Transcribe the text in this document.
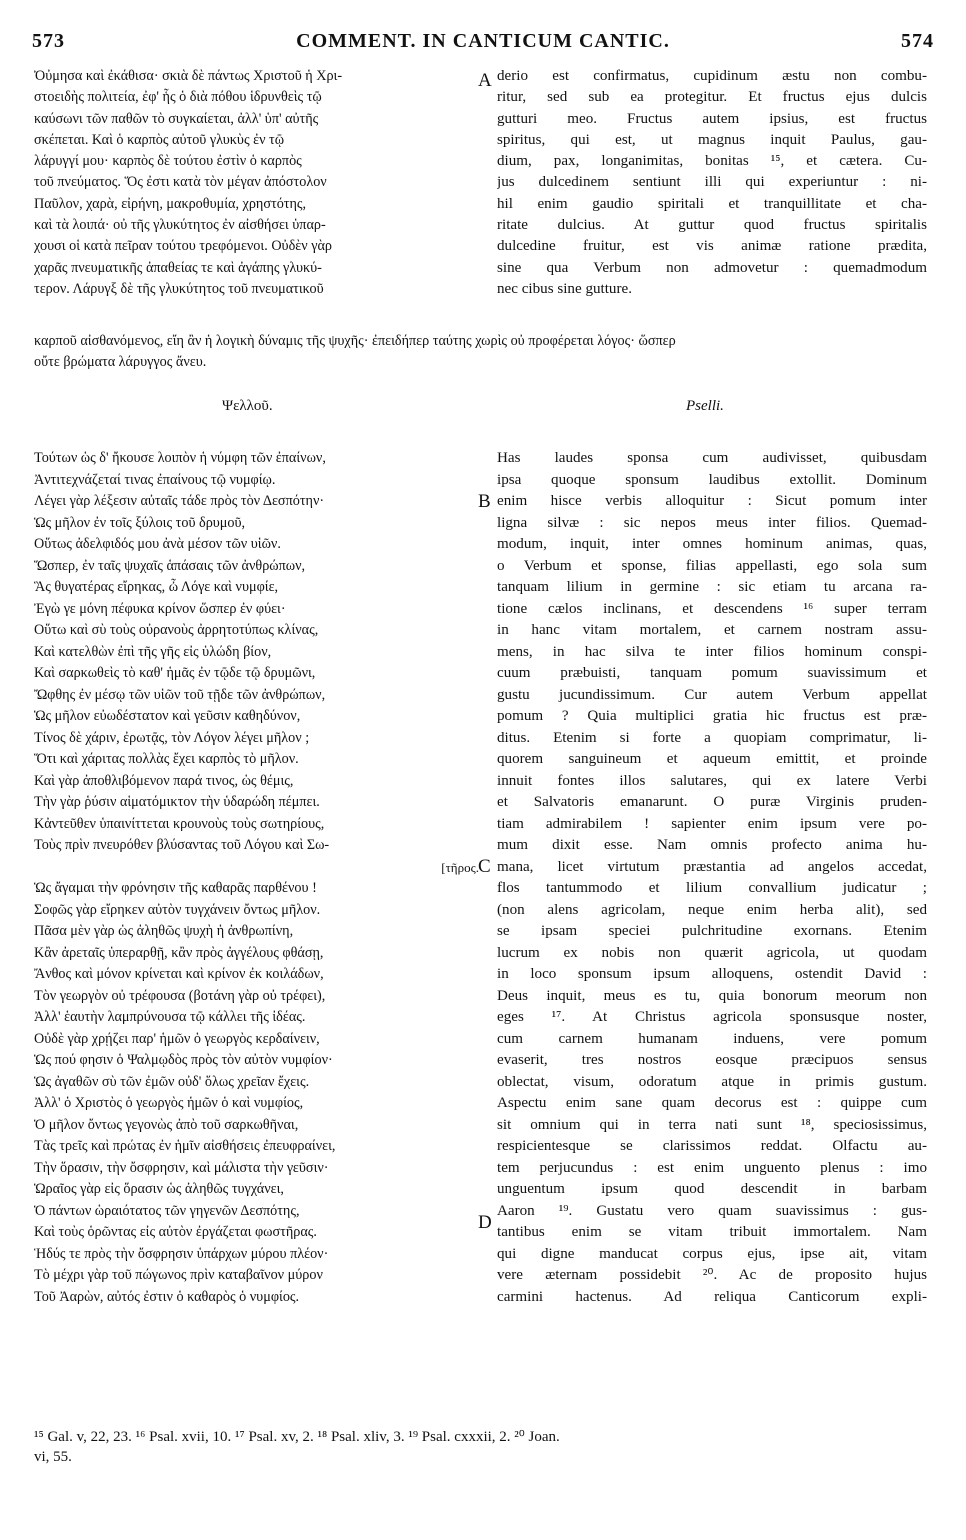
573	COMMENT. IN CANTICUM CANTIC.	574
Ὀὐμησα καὶ ἐκάθισα· σκιὰ δὲ πάντως Χριστοῦ ἡ Χρι-
στοειδὴς πολιτεία, ἐφ' ἧς ὁ διὰ πόθου ἱδρυνθεὶς τῷ
καύσωνι τῶν παθῶν τὸ συγκαίεται, ἀλλ' ὑπ' αὐτῆς
σκέπεται. Καὶ ὁ καρπὸς αὐτοῦ γλυκὺς ἐν τῷ
λάρυγγί μου· καρπὸς δὲ τούτου ἐστὶν ὁ καρπὸς
τοῦ πνεύματος. Ὅς ἐστι κατὰ τὸν μέγαν ἀπόστολον
Παῦλον, χαρὰ, εἰρήνη, μακροθυμία, χρηστότης,
καὶ τὰ λοιπά· οὐ τῆς γλυκύτητος ἐν αἰσθήσει ὑπαρ-
χουσι οἱ κατὰ πεῖραν τούτου τρεφόμενοι. Οὐδὲν γὰρ
χαρᾶς πνευματικῆς ἀπαθείας τε καὶ ἀγάπης γλυκύ-
τερον. Λάρυγξ δὲ τῆς γλυκύτητος τοῦ πνευματικοῦ
derio est confirmatus, cupidinum æstu non combu-
ritur, sed sub ea protegitur. Et fructus ejus dulcis
gutturi meo. Fructus autem ipsius, est fructus
spiritus, qui est, ut magnus inquit Paulus, gau-
dium, pax, longanimitas, bonitas ¹⁵, et cætera. Cu-
jus dulcedinem sentiunt illi qui experiuntur : ni-
hil enim gaudio spiritali et tranquillitate et cha-
ritate dulcius. At guttur quod fructus spiritalis
dulcedine fruitur, est vis animæ ratione prædita,
sine qua Verbum non admovetur : quemadmodum
nec cibus sine gutture.
καρποῦ αἰσθανόμενος, εἴη ἂν ἡ λογικὴ δύναμις τῆς ψυχῆς· ἐπειδήπερ ταύτης χωρὶς οὐ προφέρεται λόγος· ὥσπερ
οὔτε βρώματα λάρυγγος ἄνευ.
Ψελλοῦ.	Pselli.
Τούτων ὡς δ' ἤκουσε λοιπὸν ἡ νύμφη τῶν ἐπαίνων,
Ἀντιτεχνάζεταί τινας ἐπαίνους τῷ νυμφίῳ.
Λέγει γὰρ λέξεσιν αὐταῖς τάδε πρὸς τὸν Δεσπότην·
Ὡς μῆλον ἐν τοῖς ξύλοις τοῦ δρυμοῦ,
Οὕτως ἀδελφιδός μου ἀνὰ μέσον τῶν υἱῶν.
Ὥσπερ, ἐν ταῖς ψυχαῖς ἁπάσαις τῶν ἀνθρώπων,
Ἃς θυγατέρας εἴρηκας, ὦ Λόγε καὶ νυμφίε,
Ἐγὼ γε μόνη πέφυκα κρίνον ὥσπερ ἐν φύει·
Οὕτω καὶ σὺ τοὺς οὐρανοὺς ἀρρητοτύπως κλίνας,
Καὶ κατελθὼν ἐπὶ τῆς γῆς εἰς ὑλώδη βίον,
Καὶ σαρκωθεὶς τὸ καθ' ἡμᾶς ἐν τῷδε τῷ δρυμῶνι,
Ὤφθης ἐν μέσῳ τῶν υἱῶν τοῦ τῇδε τῶν ἀνθρώπων,
Ὡς μῆλον εὐωδέστατον καὶ γεῦσιν καθηδύνον,
Τίνος δὲ χάριν, ἐρωτᾷς, τὸν Λόγον λέγει μῆλον ;
Ὅτι καὶ χάριτας πολλὰς ἔχει καρπὸς τὸ μῆλον.
Καὶ γὰρ ἀποθλιβόμενον παρά τινος, ὡς θέμις,
Τὴν γὰρ ῥύσιν αἱματόμικτον τὴν ὑδαρώδη πέμπει.
Κἀντεῦθεν ὑπαινίττεται κρουνοὺς τοὺς σωτηρίους,
Τοὺς πρὶν πνευρόθεν βλύσαντας τοῦ Λόγου καὶ Σω-
[τῆρος.
Ὡς ἄγαμαι τὴν φρόνησιν τῆς καθαρᾶς παρθένου !
Σοφῶς γὰρ εἴρηκεν αὐτὸν τυγχάνειν ὄντως μῆλον.
Πᾶσα μὲν γὰρ ὡς ἀληθῶς ψυχὴ ἡ ἀνθρωπίνη,
Κἂν ἀρεταῖς ὑπεραρθῇ, κἂν πρὸς ἀγγέλους φθάσῃ,
Ἄνθος καὶ μόνον κρίνεται καὶ κρίνον ἐκ κοιλάδων,
Τὸν γεωργὸν οὐ τρέφουσα (βοτάνη γὰρ οὐ τρέφει),
Ἀλλ' ἑαυτὴν λαμπρύνουσα τῷ κάλλει τῆς ἰδέας.
Οὐδὲ γὰρ χρῄζει παρ' ἡμῶν ὁ γεωργὸς κερδαίνειν,
Ὡς πού φησιν ὁ Ψαλμῳδὸς πρὸς τὸν αὐτὸν νυμφίον·
Ὡς ἀγαθῶν σὺ τῶν ἐμῶν οὐδ' ὅλως χρεῖαν ἔχεις.
Ἀλλ' ὁ Χριστὸς ὁ γεωργὸς ἡμῶν ὁ καὶ νυμφίος,
Ὁ μῆλον ὄντως γεγονὼς ἀπὸ τοῦ σαρκωθῆναι,
Τὰς τρεῖς καὶ πρώτας ἐν ἡμῖν αἰσθήσεις ἐπευφραίνει,
Τὴν ὅρασιν, τὴν ὄσφρησιν, καὶ μάλιστα τὴν γεῦσιν·
Ὡραῖος γὰρ εἰς ὅρασιν ὡς ἀληθῶς τυγχάνει,
Ὁ πάντων ὡραιότατος τῶν γηγενῶν Δεσπότης,
Καὶ τοὺς ὁρῶντας εἰς αὐτὸν ἐργάζεται φωστῆρας.
Ἡδύς τε πρὸς τὴν ὄσφρησιν ὑπάρχων μύρου πλέον·
Τὸ μέχρι γὰρ τοῦ πώγωνος πρὶν καταβαῖνον μύρον
Τοῦ Ἀαρὼν, αὐτός ἐστιν ὁ καθαρὸς ὁ νυμφίος.
Has laudes sponsa cum audivisset, quibusdam
ipsa quoque sponsum laudibus extollit. Dominum
enim hisce verbis alloquitur : Sicut pomum inter
ligna silvæ : sic nepos meus inter filios. Quemad-
modum, inquit, inter omnes hominum animas, quas,
o Verbum et sponse, filias appellasti, ego sola sum
tanquam lilium in germine : sic etiam tu arcana ra-
tione cælos inclinans, et descendens ¹⁶ super terram
in hanc vitam mortalem, et carnem nostram assu-
mens, in hac silva te inter filios hominum conspi-
cuum præbuisti, tanquam pomum suavissimum et
gustu jucundissimum. Cur autem Verbum appellat
pomum ? Quia multiplici gratia hic fructus est præ-
ditus. Etenim si forte a quopiam comprimatur, li-
quorem sanguineum et aqueum emittit, et proinde
innuit fontes illos salutares, qui ex latere Verbi
et Salvatoris emanarunt. O puræ Virginis pruden-
tiam admirabilem ! sapienter enim ipsum vere po-
mum dixit esse. Nam omnis profecto anima hu-
mana, licet virtutum præstantia ad angelos accedat,
flos tantummodo et lilium convallium judicatur ;
(non alens agricolam, neque enim herba alit), sed
se ipsam speciei pulchritudine exornans. Etenim
lucrum ex nobis non quærit agricola, ut quodam
in loco sponsum ipsum alloquens, ostendit David :
Deus inquit, meus es tu, quia bonorum meorum non
eges ¹⁷. At Christus agricola sponsusque noster,
cum carnem humanam induens, vere pomum
evaserit, tres nostros eosque præcipuos sensus
oblectat, visum, odoratum atque in primis gustum.
Aspectu enim sane quam decorus est : quippe cum
sit omnium qui in terra nati sunt ¹⁸, speciosissimus,
respicientesque se clarissimos reddat. Olfactu au-
tem perjucundus : est enim unguento plenus : imo
unguentum ipsum quod descendit in barbam
Aaron ¹⁹. Gustatu vero quam suavissimus : gus-
tantibus enim se vitam tribuit immortalem. Nam
qui digne manducat corpus ejus, ipse ait, vitam
vere æternam possidebit ²⁰. Ac de proposito hujus
carmini hactenus. Ad reliqua Canticorum expli-
A
B
C
D
¹⁵ Gal. v, 22, 23. ¹⁶ Psal. xvii, 10. ¹⁷ Psal. xv, 2. ¹⁸ Psal. xliv, 3. ¹⁹ Psal. cxxxii, 2. ²⁰ Joan.
vi, 55.
